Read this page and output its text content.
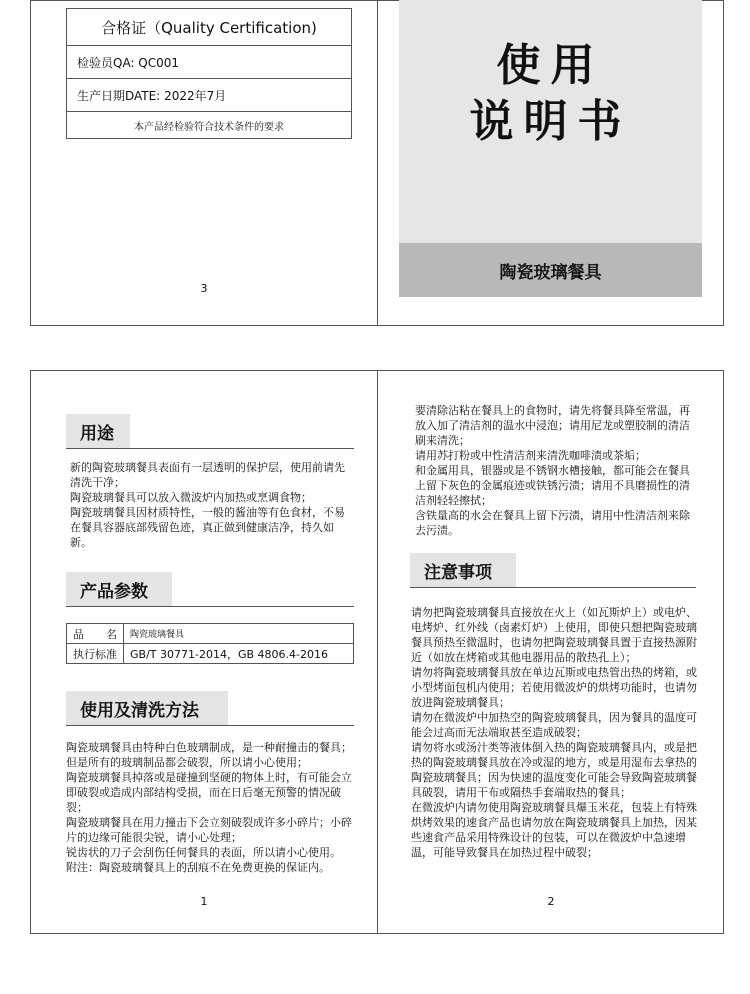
合格证（Quality Certification)
检验员QA: QC001
生产日期DATE: 2022年7月
本产品经检验符合技术条件的要求
3
使用
说明书
陶瓷玻璃餐具
用途

新的陶瓷玻璃餐具表面有一层透明的保护层，使用前请先清洗干净；
陶瓷玻璃餐具可以放入微波炉内加热或烹调食物；
陶瓷玻璃餐具因材质特性，一般的酱油等有色食材，不易在餐具容器底部残留色迹，真正做到健康洁净，持久如新。

产品参数
品　　名	陶瓷玻璃餐具
执行标准	GB/T 30771-2014，GB 4806.4-2016
使用及清洗方法

陶瓷玻璃餐具由特种白色玻璃制成，是一种耐撞击的餐具；但是所有的玻璃制品都会破裂，所以请小心使用；
陶瓷玻璃餐具掉落或是碰撞到坚硬的物体上时，有可能会立即破裂或造成内部结构受损，而在日后毫无预警的情况破裂；
陶瓷玻璃餐具在用力撞击下会立刻破裂成许多小碎片；小碎片的边缘可能很尖锐，请小心处理；
锐齿状的刀子会刮伤任何餐具的表面，所以请小心使用。
附注：陶瓷玻璃餐具上的刮痕不在免费更换的保证内。

1

要清除沾粘在餐具上的食物时，请先将餐具降至常温，再放入加了清洁剂的温水中浸泡；请用尼龙或塑胶制的清洁刷来清洗；
请用苏打粉或中性清洁剂来清洗咖啡渍或茶垢；
和金属用具，银器或是不锈钢水槽接触，都可能会在餐具上留下灰色的金属痕迹或铁锈污渍；请用不具磨损性的清洁剂轻轻擦拭；
含铁量高的水会在餐具上留下污渍，请用中性清洁剂来除去污渍。

注意事项

请勿把陶瓷玻璃餐具直接放在火上（如瓦斯炉上）或电炉、电烤炉、红外线（卤素灯炉）上使用，即使只想把陶瓷玻璃餐具预热至微温时，也请勿把陶瓷玻璃餐具置于直接热源附近（如放在烤箱或其他电器用品的散热孔上）；
请勿将陶瓷玻璃餐具放在单边瓦斯或电热管出热的烤箱，或小型烤面包机内使用；若使用微波炉的烘烤功能时，也请勿放进陶瓷玻璃餐具；
请勿在微波炉中加热空的陶瓷玻璃餐具，因为餐具的温度可能会过高而无法端取甚至造成破裂；
请勿将水或汤汁类等液体倒入热的陶瓷玻璃餐具内，或是把热的陶瓷玻璃餐具放在冷或湿的地方，或是用湿布去拿热的陶瓷玻璃餐具；因为快速的温度变化可能会导致陶瓷玻璃餐具破裂，请用干布或隔热手套端取热的餐具；
在微波炉内请勿使用陶瓷玻璃餐具爆玉米花，包装上有特殊烘烤效果的速食产品也请勿放在陶瓷玻璃餐具上加热，因某些速食产品采用特殊设计的包装，可以在微波炉中急速增温，可能导致餐具在加热过程中破裂；

2
